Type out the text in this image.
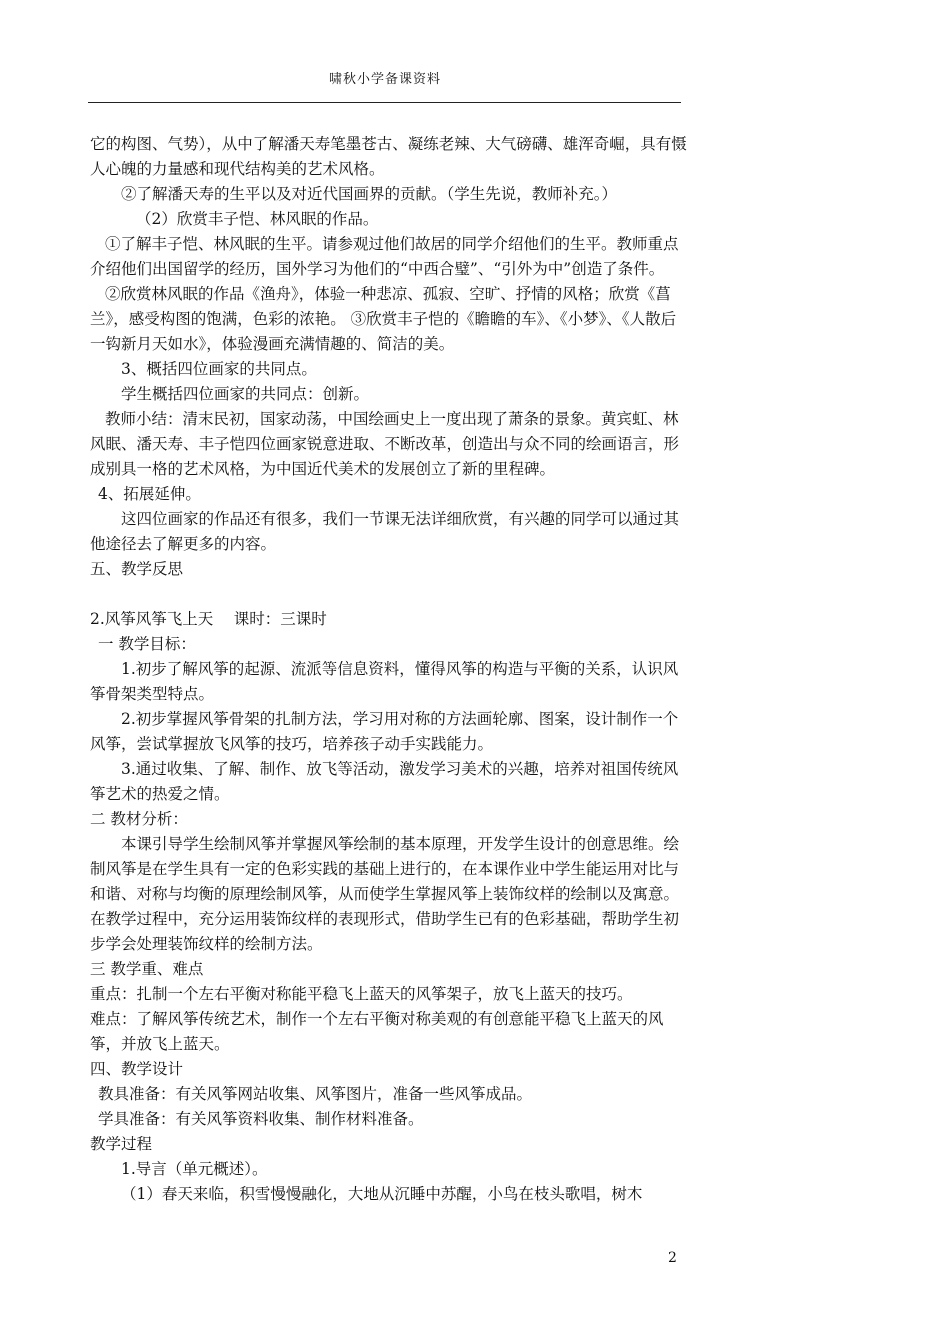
啸秋小学备课资料

它的构图、气势），从中了解潘天寿笔墨苍古、凝练老辣、大气磅礴、雄浑奇崛，具有慑人心魄的力量感和现代结构美的艺术风格。

②了解潘天寿的生平以及对近代国画界的贡献。（学生先说，教师补充。）

（2）欣赏丰子恺、林风眠的作品。

①了解丰子恺、林风眠的生平。请参观过他们故居的同学介绍他们的生平。教师重点介绍他们出国留学的经历，国外学习为他们的“中西合璧”、“引外为中”创造了条件。

②欣赏林风眠的作品《渔舟》，体验一种悲凉、孤寂、空旷、抒情的风格；欣赏《菖兰》，感受构图的饱满，色彩的浓艳。 ③欣赏丰子恺的《瞻瞻的车》、《小梦》、《人散后一钩新月天如水》，体验漫画充满情趣的、简洁的美。

3、概括四位画家的共同点。

学生概括四位画家的共同点：创新。

教师小结：清末民初，国家动荡，中国绘画史上一度出现了萧条的景象。黄宾虹、林风眠、潘天寿、丰子恺四位画家锐意进取、不断改革，创造出与众不同的绘画语言，形成别具一格的艺术风格，为中国近代美术的发展创立了新的里程碑。

4、拓展延伸。

这四位画家的作品还有很多，我们一节课无法详细欣赏，有兴趣的同学可以通过其他途径去了解更多的内容。

五、教学反思

2.风筝风筝飞上天　 课时：三课时

一 教学目标：

1.初步了解风筝的起源、流派等信息资料，懂得风筝的构造与平衡的关系，认识风筝骨架类型特点。

2.初步掌握风筝骨架的扎制方法，学习用对称的方法画轮廓、图案，设计制作一个风筝，尝试掌握放飞风筝的技巧，培养孩子动手实践能力。

3.通过收集、了解、制作、放飞等活动，激发学习美术的兴趣，培养对祖国传统风筝艺术的热爱之情。

二 教材分析：

本课引导学生绘制风筝并掌握风筝绘制的基本原理，开发学生设计的创意思维。绘制风筝是在学生具有一定的色彩实践的基础上进行的，在本课作业中学生能运用对比与和谐、对称与均衡的原理绘制风筝，从而使学生掌握风筝上装饰纹样的绘制以及寓意。在教学过程中，充分运用装饰纹样的表现形式，借助学生已有的色彩基础，帮助学生初步学会处理装饰纹样的绘制方法。

三 教学重、难点

重点：扎制一个左右平衡对称能平稳飞上蓝天的风筝架子，放飞上蓝天的技巧。

难点：了解风筝传统艺术，制作一个左右平衡对称美观的有创意能平稳飞上蓝天的风筝，并放飞上蓝天。

四、教学设计

教具准备：有关风筝网站收集、风筝图片，准备一些风筝成品。

学具准备：有关风筝资料收集、制作材料准备。

教学过程

1.导言（单元概述）。

（1）春天来临，积雪慢慢融化，大地从沉睡中苏醒，小鸟在枝头歌唱，树木

2
